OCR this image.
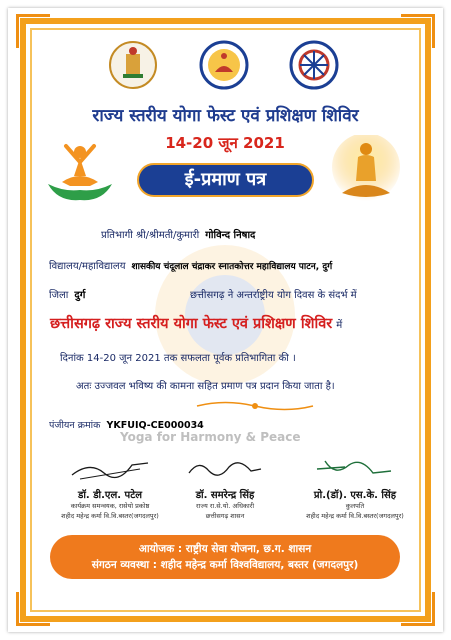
राज्य स्तरीय योगा फेस्ट एवं प्रशिक्षण शिविर
14-20 जून 2021
ई-प्रमाण पत्र
प्रतिभागी श्री/श्रीमती/कुमारी गोविन्द निषाद
विद्यालय/महाविद्यालय शासकीय चंदूलाल चंद्राकर स्नातकोत्तर महाविद्यालय पाटन, दुर्ग
जिला दुर्ग	छत्तीसगढ़ ने अन्तर्राष्ट्रीय योग दिवस के संदर्भ में
छत्तीसगढ़ राज्य स्तरीय योगा फेस्ट एवं प्रशिक्षण शिविर में
दिनांक 14-20 जून 2021 तक सफलता पूर्वक प्रतिभागिता की ।
अतः उज्जवल भविष्य की कामना सहित प्रमाण पत्र प्रदान किया जाता है।
पंजीयन क्रमांक YKFUIQ-CE000034
Yoga for Harmony & Peace
डॉ. डी.एल. पटेल
कार्यक्रम समन्वयक, रासेयो प्रकोष्ठ
शहीद महेन्द्र कर्मा वि.वि.बस्तर(जगदलपुर)
डॉ. समरेन्द्र सिंह
राज्य रा.से.यो. अधिकारी
छत्तीसगढ़ शासन
प्रो.(डॉ). एस.के. सिंह
कुलपति
शहीद महेन्द्र कर्मा वि.वि.बस्तर(जगदलपुर)
आयोजक : राष्ट्रीय सेवा योजना, छ.ग. शासन
संगठन व्यवस्था : शहीद महेन्द्र कर्मा विश्वविद्यालय, बस्तर (जगदलपुर)
